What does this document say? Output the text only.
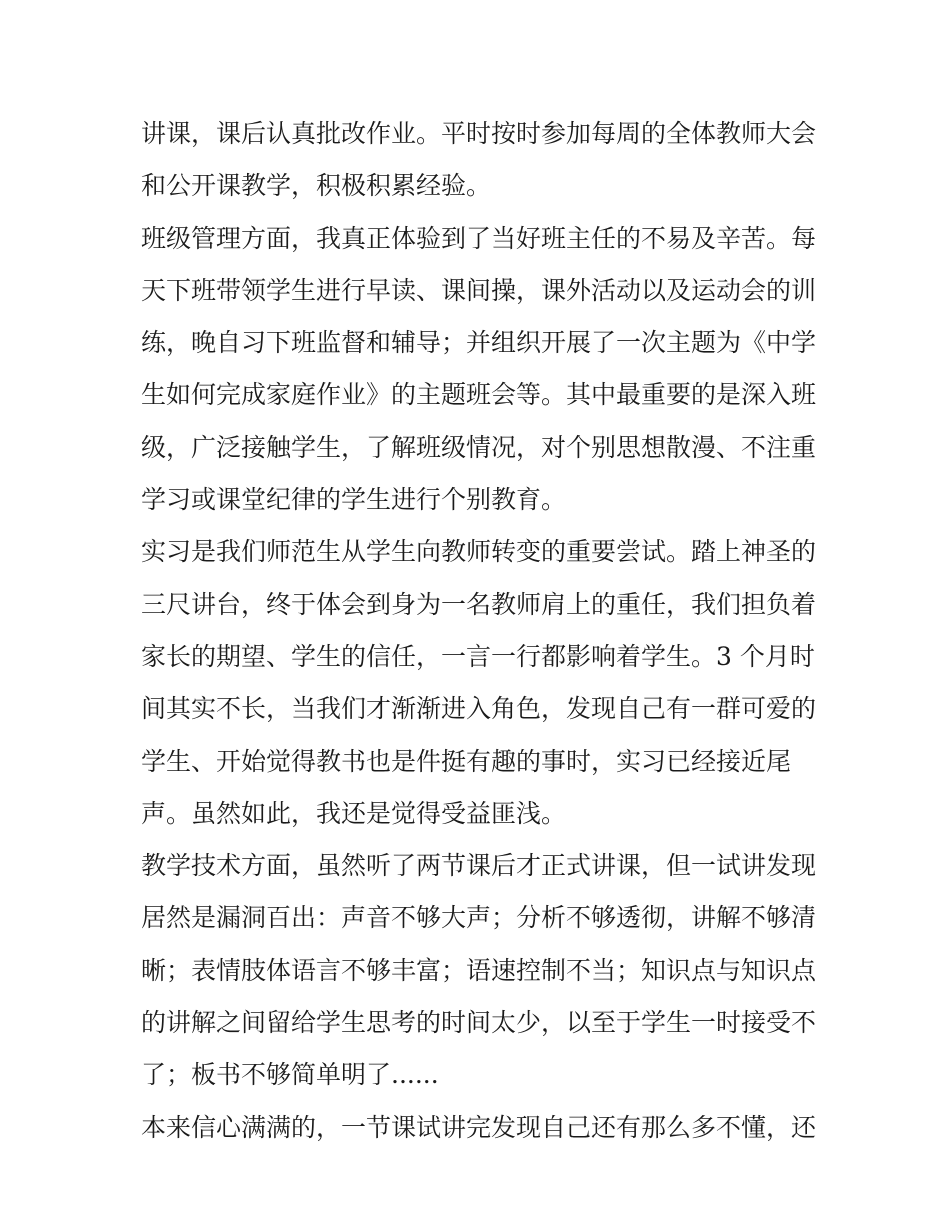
讲课，课后认真批改作业。平时按时参加每周的全体教师大会
和公开课教学，积极积累经验。
班级管理方面，我真正体验到了当好班主任的不易及辛苦。每
天下班带领学生进行早读、课间操，课外活动以及运动会的训
练，晚自习下班监督和辅导；并组织开展了一次主题为《中学
生如何完成家庭作业》的主题班会等。其中最重要的是深入班
级，广泛接触学生，了解班级情况，对个别思想散漫、不注重
学习或课堂纪律的学生进行个别教育。
实习是我们师范生从学生向教师转变的重要尝试。踏上神圣的
三尺讲台，终于体会到身为一名教师肩上的重任，我们担负着
家长的期望、学生的信任，一言一行都影响着学生。3 个月时
间其实不长，当我们才渐渐进入角色，发现自己有一群可爱的
学生、开始觉得教书也是件挺有趣的事时，实习已经接近尾
声。虽然如此，我还是觉得受益匪浅。
教学技术方面，虽然听了两节课后才正式讲课，但一试讲发现
居然是漏洞百出：声音不够大声；分析不够透彻，讲解不够清
晰；表情肢体语言不够丰富；语速控制不当；知识点与知识点
的讲解之间留给学生思考的时间太少，以至于学生一时接受不
了；板书不够简单明了......
本来信心满满的，一节课试讲完发现自己还有那么多不懂，还
